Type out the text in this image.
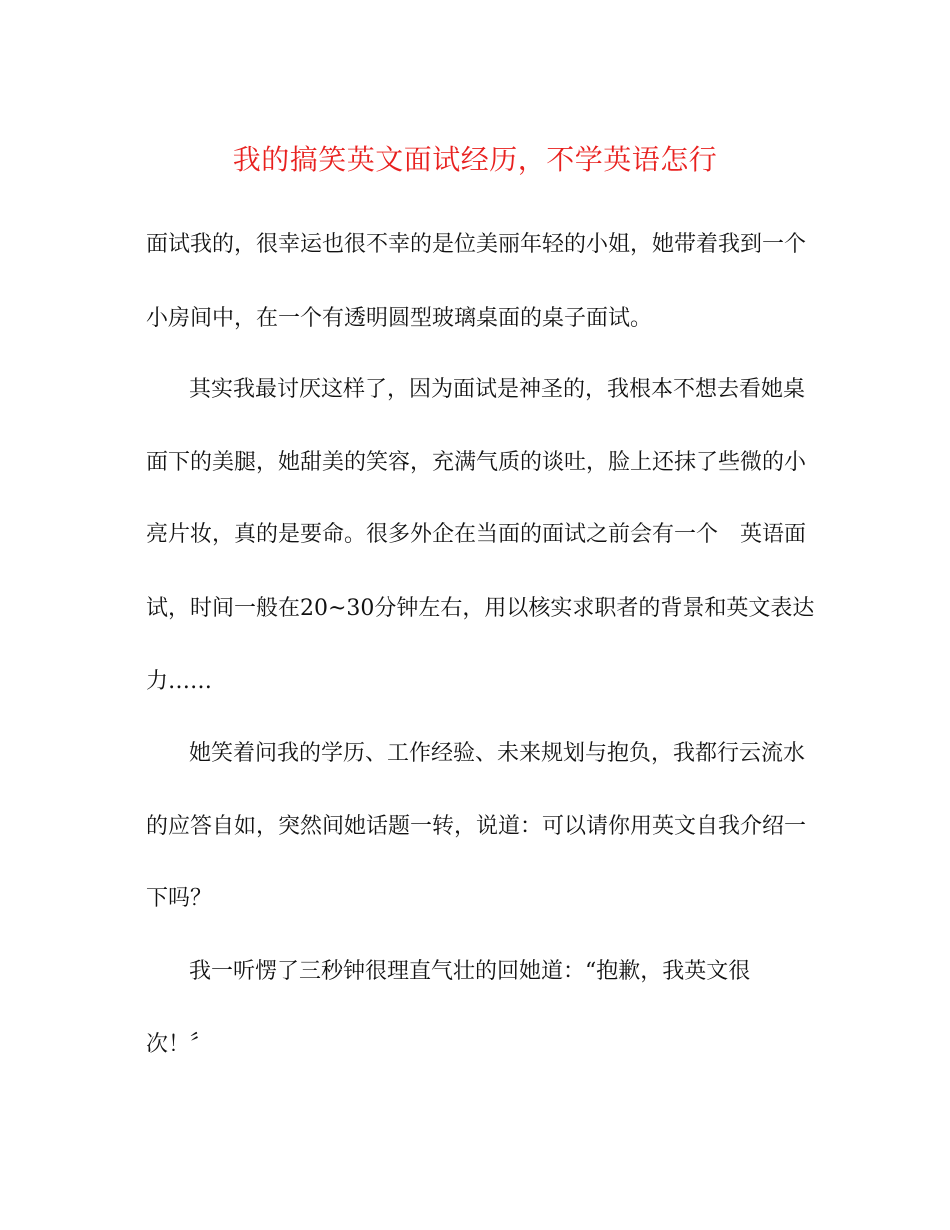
我的搞笑英文面试经历，不学英语怎行

面试我的，很幸运也很不幸的是位美丽年轻的小姐，她带着我到一个

小房间中，在一个有透明圆型玻璃桌面的桌子面试。

其实我最讨厌这样了，因为面试是神圣的，我根本不想去看她桌

面下的美腿，她甜美的笑容，充满气质的谈吐，脸上还抹了些微的小

亮片妆，真的是要命。很多外企在当面的面试之前会有一个　英语面

试，时间一般在20~30分钟左右，用以核实求职者的背景和英文表达

力……

她笑着问我的学历、工作经验、未来规划与抱负，我都行云流水

的应答自如，突然间她话题一转，说道：可以请你用英文自我介绍一

下吗？

我一听愣了三秒钟很理直气壮的回她道：“抱歉，我英文很

次！〞
